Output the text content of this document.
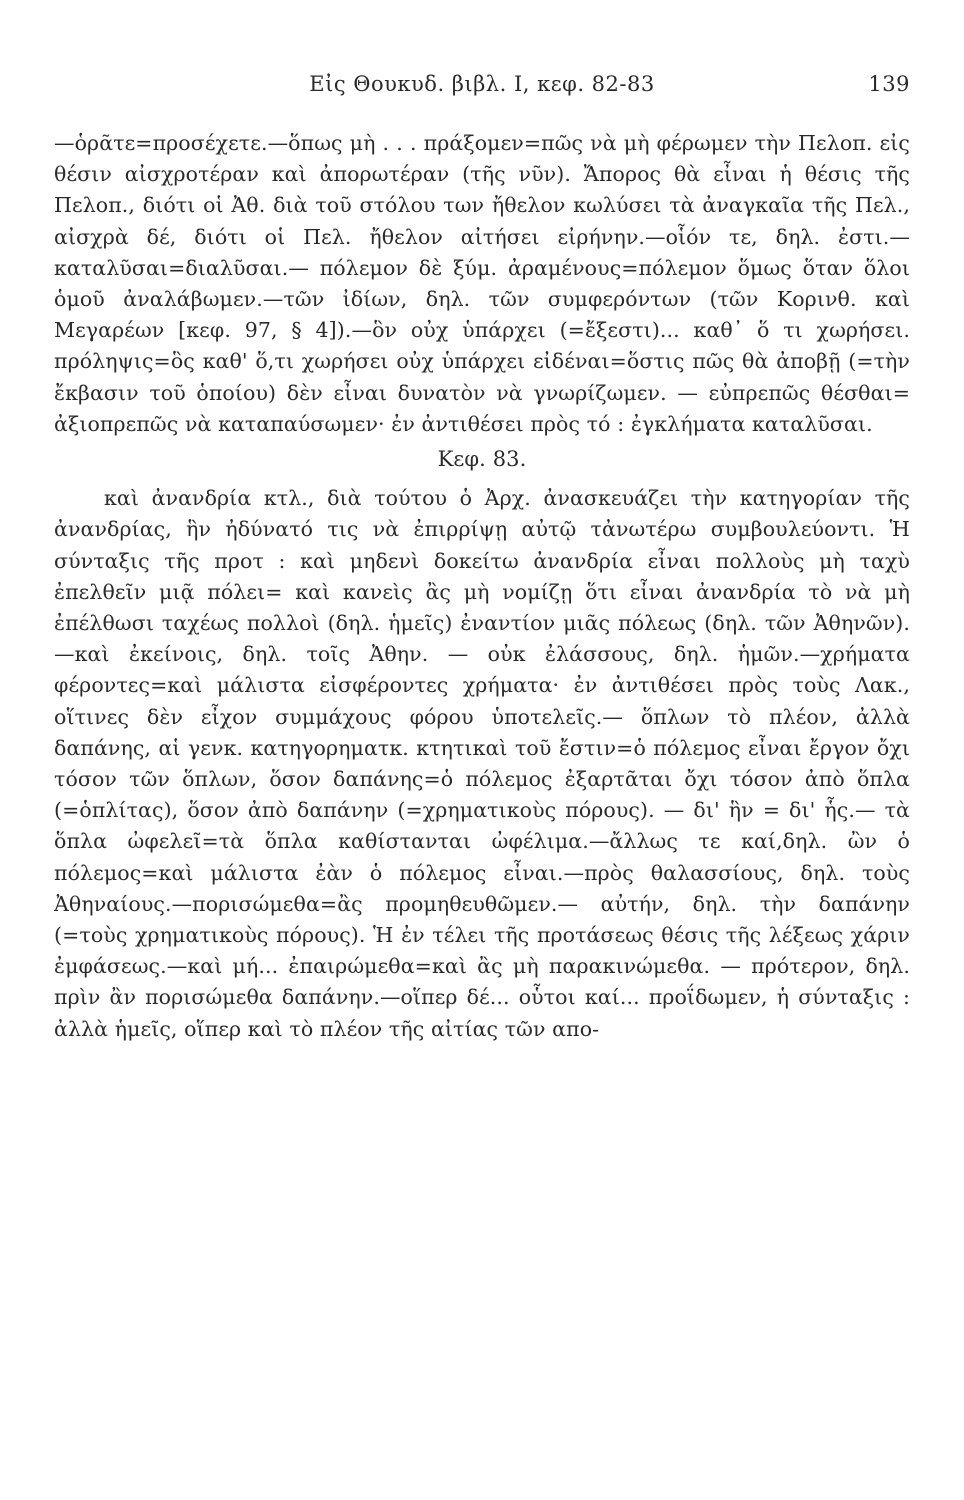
Εἰς Θουκυδ. βιβλ. I, κεφ. 82-83	139

—ὁρᾶτε=προσέχετε.—ὅπως μὴ . . . πράξομεν=πῶς νὰ μὴ φέρωμεν τὴν Πελοπ. εἰς θέσιν αἰσχροτέραν καὶ ἀπορωτέραν (τῆς νῦν). Ἄπορος θὰ εἶναι ἡ θέσις τῆς Πελοπ., διότι οἱ Ἀθ. διὰ τοῦ στόλου των ἤθελον κωλύσει τὰ ἀναγκαῖα τῆς Πελ., αἰσχρὰ δέ, διότι οἱ Πελ. ἤθελον αἰτήσει εἰρήνην.—οἷόν τε, δηλ. ἐστι.—καταλῦσαι=διαλῦσαι.— πόλεμον δὲ ξύμ. ἀραμένους=πόλεμον ὅμως ὅταν ὅλοι ὁμοῦ ἀναλάβωμεν.—τῶν ἰδίων, δηλ. τῶν συμφερόντων (τῶν Κορινθ. καὶ Μεγαρέων [κεφ. 97, § 4]).—ὃν οὐχ ὑπάρχει (=ἔξεστι)... καθ᾽ ὅ τι χωρήσει. πρόληψις=ὃς καθ' ὅ,τι χωρήσει οὐχ ὑπάρχει εἰδέναι=ὅστις πῶς θὰ ἀποβῇ (=τὴν ἔκβασιν τοῦ ὁποίου) δὲν εἶναι δυνατὸν νὰ γνωρίζωμεν. — εὐπρεπῶς θέσθαι= ἀξιοπρεπῶς νὰ καταπαύσωμεν· ἐν ἀντιθέσει πρὸς τό : ἐγκλήματα καταλῦσαι.

Κεφ. 83.

καὶ ἀνανδρία κτλ., διὰ τούτου ὁ Ἀρχ. ἀνασκευάζει τὴν κατηγορίαν τῆς ἀνανδρίας, ἣν ἠδύνατό τις νὰ ἐπιρρίψῃ αὐτῷ τἀνωτέρω συμβουλεύοντι. Ἡ σύνταξις τῆς προτ : καὶ μηδενὶ δοκείτω ἀνανδρία εἶναι πολλοὺς μὴ ταχὺ ἐπελθεῖν μιᾷ πόλει= καὶ κανεὶς ἂς μὴ νομίζῃ ὅτι εἶναι ἀνανδρία τὸ νὰ μὴ ἐπέλθωσι ταχέως πολλοὶ (δηλ. ἡμεῖς) ἐναντίον μιᾶς πόλεως (δηλ. τῶν Ἀθηνῶν).—καὶ ἐκείνοις, δηλ. τοῖς Ἀθην. — οὐκ ἐλάσσους, δηλ. ἡμῶν.—χρήματα φέροντες=καὶ μάλιστα εἰσφέροντες χρήματα· ἐν ἀντιθέσει πρὸς τοὺς Λακ., οἵτινες δὲν εἶχον συμμάχους φόρου ὑποτελεῖς.— ὅπλων τὸ πλέον, ἀλλὰ δαπάνης, αἱ γενκ. κατηγορηματκ. κτητικαὶ τοῦ ἔστιν=ὁ πόλεμος εἶναι ἔργον ὄχι τόσον τῶν ὅπλων, ὅσον δαπάνης=ὁ πόλεμος ἐξαρτᾶται ὄχι τόσον ἀπὸ ὅπλα (=ὁπλίτας), ὅσον ἀπὸ δαπάνην (=χρηματικοὺς πόρους). — δι' ἣν = δι' ἧς.— τὰ ὅπλα ὠφελεῖ=τὰ ὅπλα καθίστανται ὠφέλιμα.—ἄλλως τε καί,δηλ. ὢν ὁ πόλεμος=καὶ μάλιστα ἐὰν ὁ πόλεμος εἶναι.—πρὸς θαλασσίους, δηλ. τοὺς Ἀθηναίους.—πορισώμεθα=ἂς προμηθευθῶμεν.— αὐτήν, δηλ. τὴν δαπάνην (=τοὺς χρηματικοὺς πόρους). Ἡ ἐν τέλει τῆς προτάσεως θέσις τῆς λέξεως χάριν ἐμφάσεως.—καὶ μή... ἐπαιρώμεθα=καὶ ἂς μὴ παρακινώμεθα. — πρότερον, δηλ. πρὶν ἂν πορισώμεθα δαπάνην.—οἵπερ δέ... οὗτοι καί... προΐδωμεν, ἡ σύνταξις : ἀλλὰ ἡμεῖς, οἵπερ καὶ τὸ πλέον τῆς αἰτίας τῶν απο-
